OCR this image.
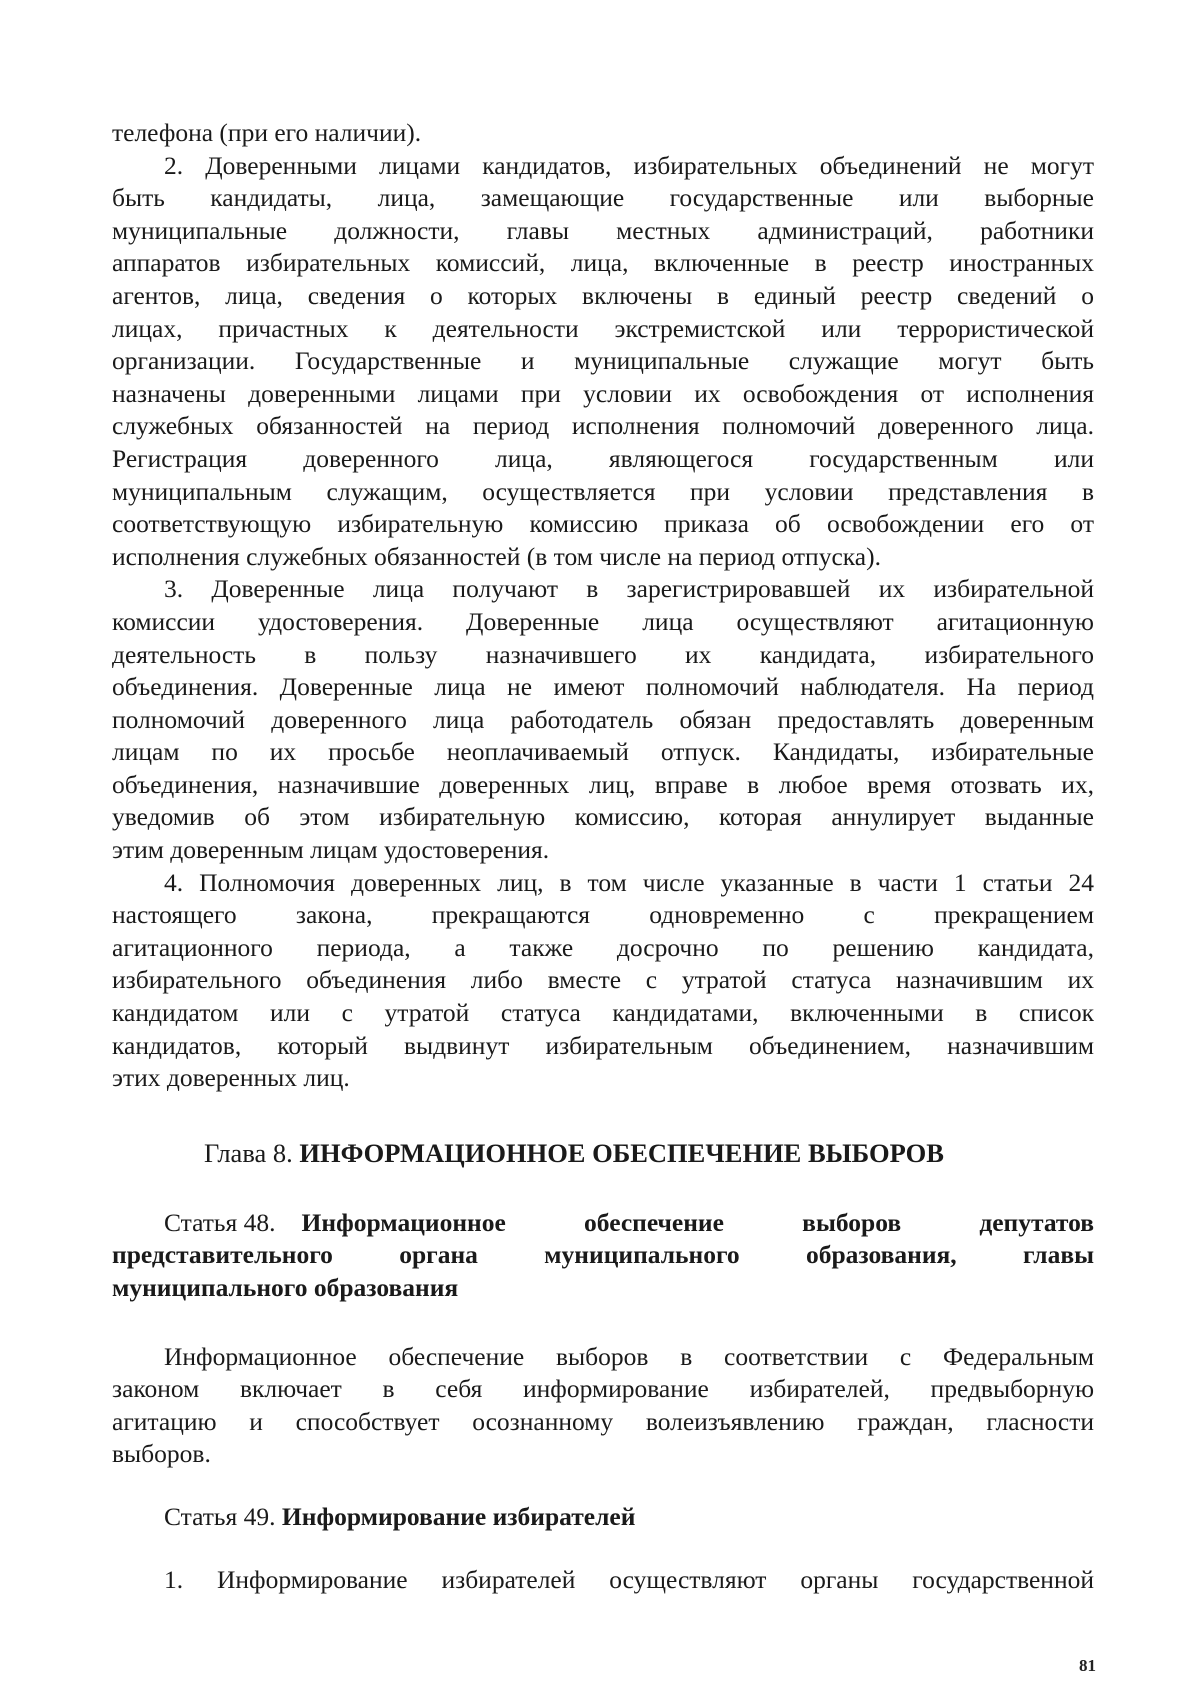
телефона (при его наличии).
2. Доверенными лицами кандидатов, избирательных объединений не могут
быть кандидаты, лица, замещающие государственные или выборные
муниципальные должности, главы местных администраций, работники
аппаратов избирательных комиссий, лица, включенные в реестр иностранных
агентов, лица, сведения о которых включены в единый реестр сведений о
лицах, причастных к деятельности экстремистской или террористической
организации. Государственные и муниципальные служащие могут быть
назначены доверенными лицами при условии их освобождения от исполнения
служебных обязанностей на период исполнения полномочий доверенного лица.
Регистрация доверенного лица, являющегося государственным или
муниципальным служащим, осуществляется при условии представления в
соответствующую избирательную комиссию приказа об освобождении его от
исполнения служебных обязанностей (в том числе на период отпуска).
3. Доверенные лица получают в зарегистрировавшей их избирательной
комиссии удостоверения. Доверенные лица осуществляют агитационную
деятельность в пользу назначившего их кандидата, избирательного
объединения. Доверенные лица не имеют полномочий наблюдателя. На период
полномочий доверенного лица работодатель обязан предоставлять доверенным
лицам по их просьбе неоплачиваемый отпуск. Кандидаты, избирательные
объединения, назначившие доверенных лиц, вправе в любое время отозвать их,
уведомив об этом избирательную комиссию, которая аннулирует выданные
этим доверенным лицам удостоверения.
4. Полномочия доверенных лиц, в том числе указанные в части 1 статьи 24
настоящего закона, прекращаются одновременно с прекращением
агитационного периода, а также досрочно по решению кандидата,
избирательного объединения либо вместе с утратой статуса назначившим их
кандидатом или с утратой статуса кандидатами, включенными в список
кандидатов, который выдвинут избирательным объединением, назначившим
этих доверенных лиц.
Глава 8. ИНФОРМАЦИОННОЕ ОБЕСПЕЧЕНИЕ ВЫБОРОВ
Статья 48. Информационное обеспечение выборов депутатов
представительного органа муниципального образования, главы
муниципального образования
Информационное обеспечение выборов в соответствии с Федеральным
законом включает в себя информирование избирателей, предвыборную
агитацию и способствует осознанному волеизъявлению граждан, гласности
выборов.
Статья 49. Информирование избирателей
1. Информирование избирателей осуществляют органы государственной
81
